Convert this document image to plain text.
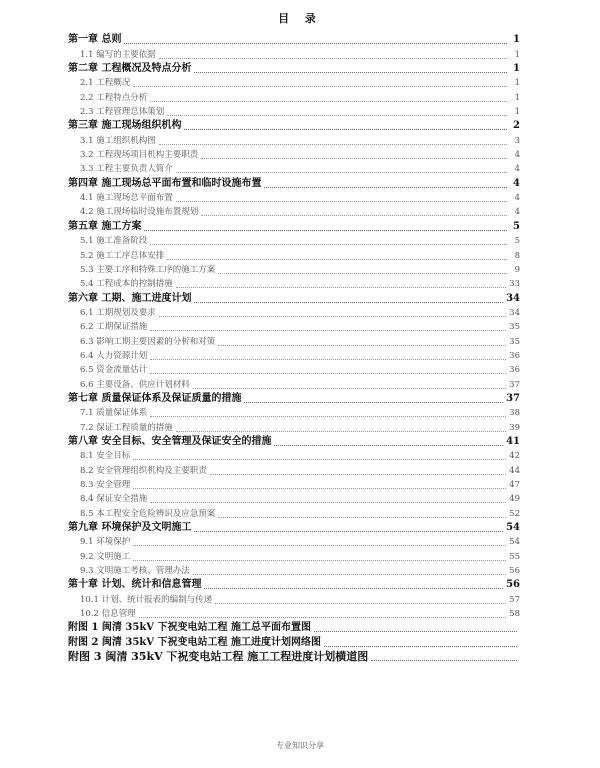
目 录
第一章 总则	1
1.1 编写的主要依据	1
第二章 工程概况及特点分析	1
2.1 工程概况	1
2.2 工程特点分析	1
2.3 工程管理总体策划	1
第三章 施工现场组织机构	2
3.1 施工组织机构图	3
3.2 工程现场项目机构主要职责	4
3.3 工程主要负责人简介	4
第四章 施工现场总平面布置和临时设施布置	4
4.1 施工现场总平面布置	4
4.2 施工现场临时设施布置规划	4
第五章 施工方案	5
5.1 施工准备阶段	5
5.2 施工工序总体安排	8
5.3 主要工序和特殊工序的施工方案	9
5.4 工程成本的控制措施	33
第六章 工期、施工进度计划	34
6.1 工期规划及要求	34
6.2 工期保证措施	35
6.3 影响工期主要因素的分析和对策	35
6.4 人力资源计划	36
6.5 资金流量估计	36
6.6 主要设备、供应计划材料	37
第七章 质量保证体系及保证质量的措施	37
7.1 质量保证体系	38
7.2 保证工程质量的措施	39
第八章 安全目标、安全管理及保证安全的措施	41
8.1 安全目标	42
8.2 安全管理组织机构及主要职责	44
8.3 安全管理	47
8.4 保证安全措施	49
8.5 本工程安全危险辨识及应急预案	52
第九章 环境保护及文明施工	54
9.1 环境保护	54
9.2 文明施工	55
9.3 文明施工考核、管理办法	56
第十章 计划、统计和信息管理	56
10.1 计划、统计报表的编制与传递	57
10.2 信息管理	58
附图 1 闽清 35kV 下祝变电站工程 施工总平面布置图
附图 2 闽清 35kV 下祝变电站工程 施工进度计划网络图
附图 3 闽清 35kV 下祝变电站工程 施工工程进度计划横道图
专业知识分享
